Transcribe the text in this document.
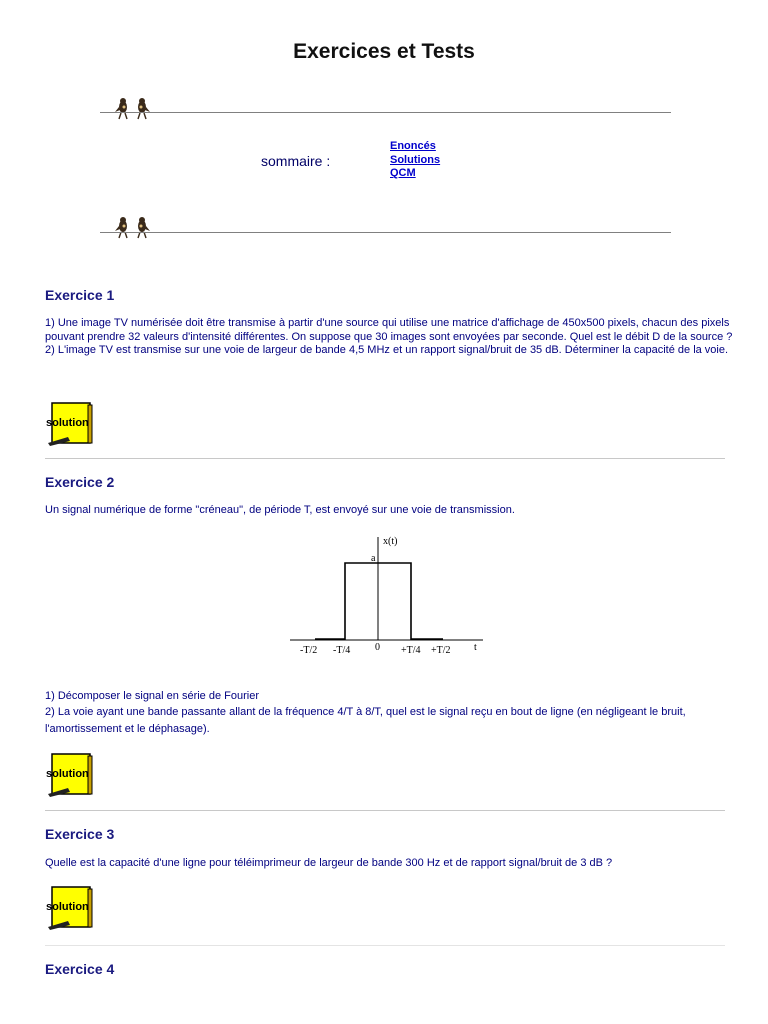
Exercices et Tests
sommaire :
Enoncés
Solutions
QCM
Exercice 1

1) Une image TV numérisée doit être transmise à partir d'une source qui utilise une matrice d'affichage de 450x500 pixels, chacun des pixels pouvant prendre 32 valeurs d'intensité différentes. On suppose que 30 images sont envoyées par seconde. Quel est le débit D de la source ?

2) L'image TV est transmise sur une voie de largeur de bande 4,5 MHz et un rapport signal/bruit de 35 dB. Déterminer la capacité de la voie.

solution
Exercice 2
Un signal numérique de forme "créneau", de période T, est envoyé sur une voie de transmission.
x(t)
a
-T/2 -T/4 0 +T/4 +T/2 t

1) Décomposer le signal en série de Fourier

2) La voie ayant une bande passante allant de la fréquence 4/T à 8/T, quel est le signal reçu en bout de ligne (en négligeant le bruit, l'amortissement et le déphasage).

solution
Exercice 3
Quelle est la capacité d'une ligne pour téléimprimeur de largeur de bande 300 Hz et de rapport signal/bruit de 3 dB ?
solution
Exercice 4
